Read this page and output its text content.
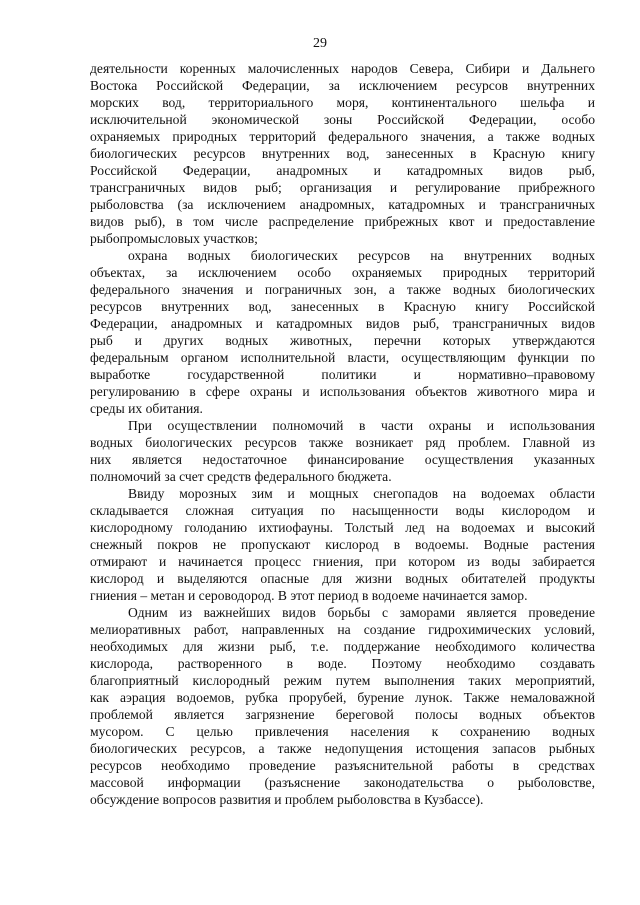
29
деятельности коренных малочисленных народов Севера, Сибири и Дальнего
Востока Российской Федерации, за исключением ресурсов внутренних
морских вод, территориального моря, континентального шельфа и
исключительной экономической зоны Российской Федерации, особо
охраняемых природных территорий федерального значения, а также водных
биологических ресурсов внутренних вод, занесенных в Красную книгу
Российской Федерации, анадромных и катадромных видов рыб,
трансграничных видов рыб; организация и регулирование прибрежного
рыболовства (за исключением анадромных, катадромных и трансграничных
видов рыб), в том числе распределение прибрежных квот и предоставление
рыбопромысловых участков;
охрана водных биологических ресурсов на внутренних водных
объектах, за исключением особо охраняемых природных территорий
федерального значения и пограничных зон, а также водных биологических
ресурсов внутренних вод, занесенных в Красную книгу Российской
Федерации, анадромных и катадромных видов рыб, трансграничных видов
рыб и других водных животных, перечни которых утверждаются
федеральным органом исполнительной власти, осуществляющим функции по
выработке государственной политики и нормативно–правовому
регулированию в сфере охраны и использования объектов животного мира и
среды их обитания.
При осуществлении полномочий в части охраны и использования
водных биологических ресурсов также возникает ряд проблем. Главной из
них является недостаточное финансирование осуществления указанных
полномочий за счет средств федерального бюджета.
Ввиду морозных зим и мощных снегопадов на водоемах области
складывается сложная ситуация по насыщенности воды кислородом и
кислородному голоданию ихтиофауны. Толстый лед на водоемах и высокий
снежный покров не пропускают кислород в водоемы. Водные растения
отмирают и начинается процесс гниения, при котором из воды забирается
кислород и выделяются опасные для жизни водных обитателей продукты
гниения – метан и сероводород. В этот период в водоеме начинается замор.
Одним из важнейших видов борьбы с заморами является проведение
мелиоративных работ, направленных на создание гидрохимических условий,
необходимых для жизни рыб, т.е. поддержание необходимого количества
кислорода, растворенного в воде. Поэтому необходимо создавать
благоприятный кислородный режим путем выполнения таких мероприятий,
как аэрация водоемов, рубка прорубей, бурение лунок. Также немаловажной
проблемой является загрязнение береговой полосы водных объектов
мусором. С целью привлечения населения к сохранению водных
биологических ресурсов, а также недопущения истощения запасов рыбных
ресурсов необходимо проведение разъяснительной работы в средствах
массовой информации (разъяснение законодательства о рыболовстве,
обсуждение вопросов развития и проблем рыболовства в Кузбассе).
